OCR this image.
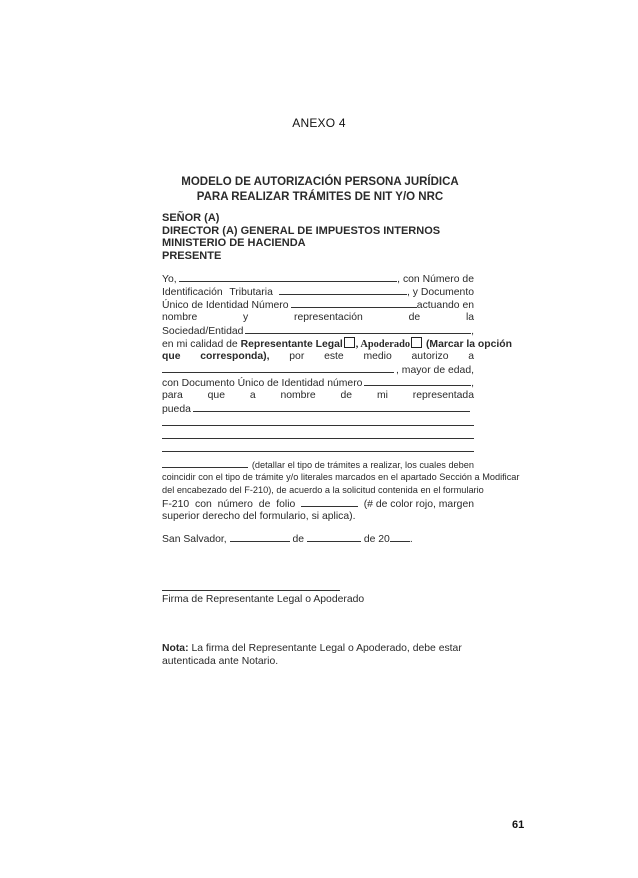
ANEXO 4
MODELO DE AUTORIZACIÓN PERSONA JURÍDICA
PARA REALIZAR TRÁMITES DE NIT Y/O NRC
SEÑOR (A)
DIRECTOR (A) GENERAL DE IMPUESTOS INTERNOS
MINISTERIO DE HACIENDA
PRESENTE
Yo,	, con Número de
Identificación Tributaria	, y Documento
Único de Identidad Número	actuando en
nombre	y	representación	de	la
Sociedad/Entidad	,
en mi calidad de Representante Legal , Apoderado (Marcar la opción
que corresponda), por este medio autorizo a
, mayor de edad,
con Documento Único de Identidad número	,
para que a nombre de mi representada
pueda
(detallar el tipo de trámites a realizar, los cuales deben
coincidir con el tipo de trámite y/o literales marcados en el apartado Sección a Modificar
del encabezado del F-210), de acuerdo a la solicitud contenida en el formulario
F-210 con número de folio	(# de color rojo, margen
superior derecho del formulario, si aplica).
San Salvador,	de	de 20 .
Firma de Representante Legal o Apoderado
Nota: La firma del Representante Legal o Apoderado, debe estar autenticada ante Notario.
61
